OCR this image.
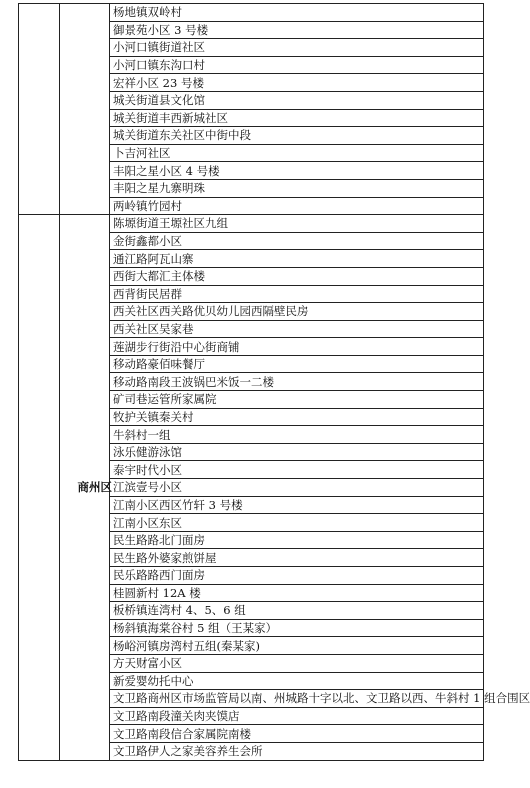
		杨地镇双岭村
		御景苑小区 3 号楼
		小河口镇街道社区
		小河口镇东沟口村
		宏祥小区 23 号楼
		城关街道县文化馆
		城关街道丰西新城社区
		城关街道东关社区中街中段
		卜吉河社区
		丰阳之星小区 4 号楼
		丰阳之星九寨明珠
		两岭镇竹园村
	商州区	陈塬街道王塬社区九组
		金街鑫都小区
		通江路阿瓦山寨
		西街大都汇主体楼
		西背街民居群
		西关社区西关路优贝幼儿园西隔壁民房
		西关社区吴家巷
		莲湖步行街沿中心街商铺
		移动路豪佰味餐厅
		移动路南段王波锅巴米饭一二楼
		矿司巷运管所家属院
		牧护关镇秦关村
		牛斜村一组
		泳乐健游泳馆
		泰宇时代小区
		江滨壹号小区
		江南小区西区竹轩 3 号楼
		江南小区东区
		民生路路北门面房
		民生路外婆家煎饼屋
		民乐路路西门面房
		桂圆新村 12A 楼
		板桥镇连湾村 4、5、6 组
		杨斜镇海棠谷村 5 组（王某家）
		杨峪河镇房湾村五组(秦某家)
		方天财富小区
		新爱婴幼托中心
		文卫路商州区市场监管局以南、州城路十字以北、文卫路以西、牛斜村 1 组合围区
		文卫路南段潼关肉夹馍店
		文卫路南段信合家属院南楼
		文卫路伊人之家美容养生会所
